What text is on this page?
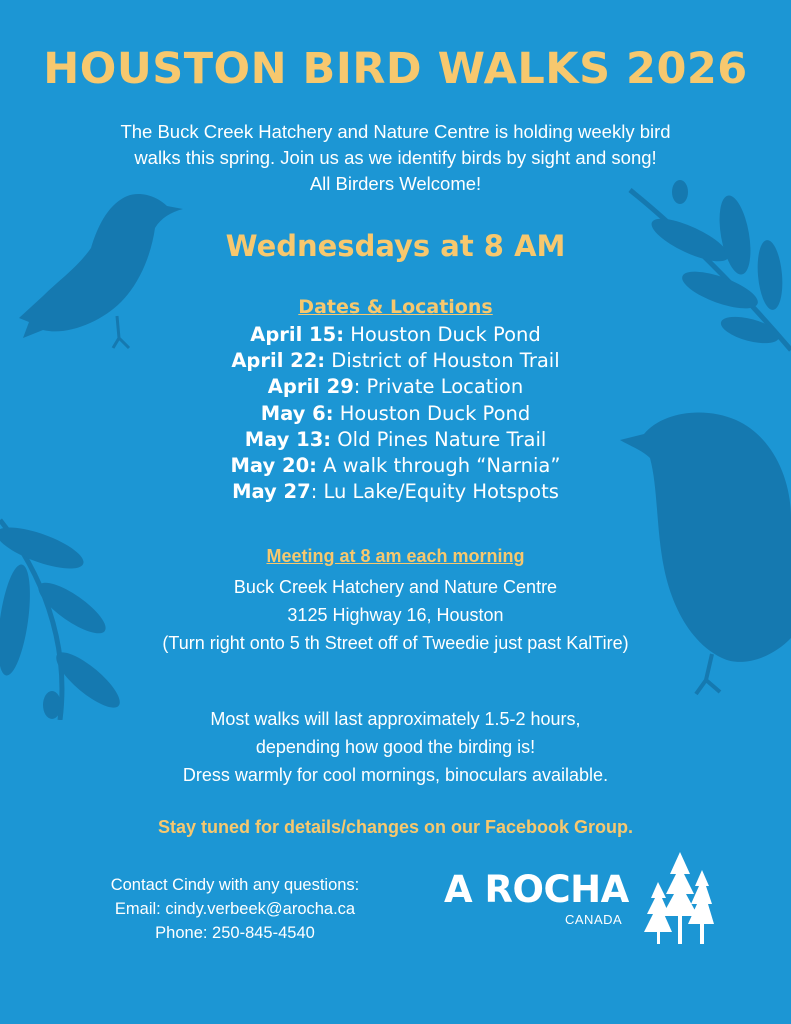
HOUSTON BIRD WALKS 2026
The Buck Creek Hatchery and Nature Centre is holding weekly bird
walks this spring. Join us as we identify birds by sight and song!
All Birders Welcome!
Wednesdays at 8 AM
Dates & Locations
April 15: Houston Duck Pond
April 22: District of Houston Trail
April 29: Private Location
May 6: Houston Duck Pond
May 13: Old Pines Nature Trail
May 20: A walk through “Narnia”
May 27: Lu Lake/Equity Hotspots
Meeting at 8 am each morning
Buck Creek Hatchery and Nature Centre
3125 Highway 16, Houston
(Turn right onto 5 th Street off of Tweedie just past KalTire)
Most walks will last approximately 1.5-2 hours,
depending how good the birding is!
Dress warmly for cool mornings, binoculars available.
Stay tuned for details/changes on our Facebook Group.
Contact Cindy with any questions:
Email: cindy.verbeek@arocha.ca
Phone: 250-845-4540
A ROCHA
CANADA
